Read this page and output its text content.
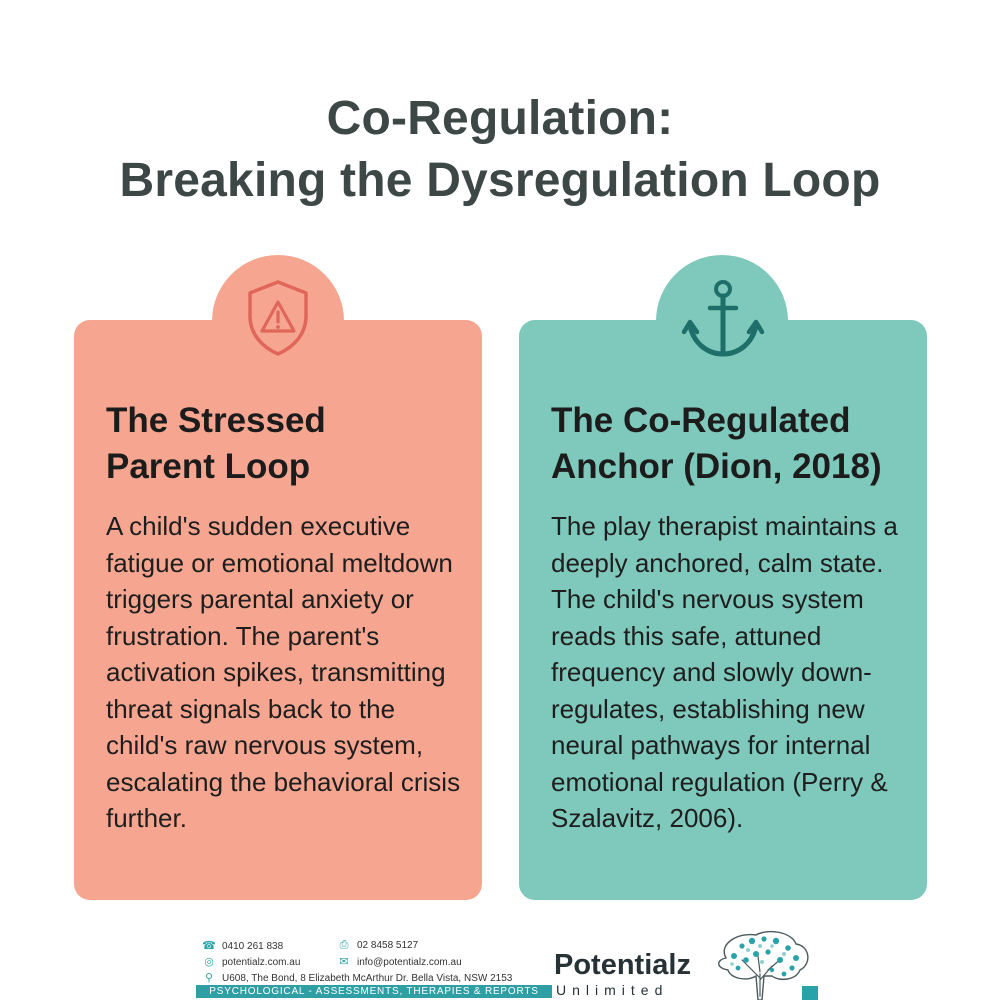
Co-Regulation:
Breaking the Dysregulation Loop
The Stressed
Parent Loop

A child's sudden executive fatigue or emotional meltdown triggers parental anxiety or frustration. The parent's activation spikes, transmitting threat signals back to the child's raw nervous system, escalating the behavioral crisis further.

The Co-Regulated
Anchor (Dion, 2018)

The play therapist maintains a deeply anchored, calm state. The child's nervous system reads this safe, attuned frequency and slowly down-regulates, establishing new neural pathways for internal emotional regulation (Perry & Szalavitz, 2006).

☎ 0410 261 838	⎙ 02 8458 5127
◎ potentialz.com.au	✉ info@potentialz.com.au
⚲ U608, The Bond, 8 Elizabeth McArthur Dr. Bella Vista, NSW 2153
PSYCHOLOGICAL - ASSESSMENTS, THERAPIES & REPORTS
Potentialz
Unlimited
